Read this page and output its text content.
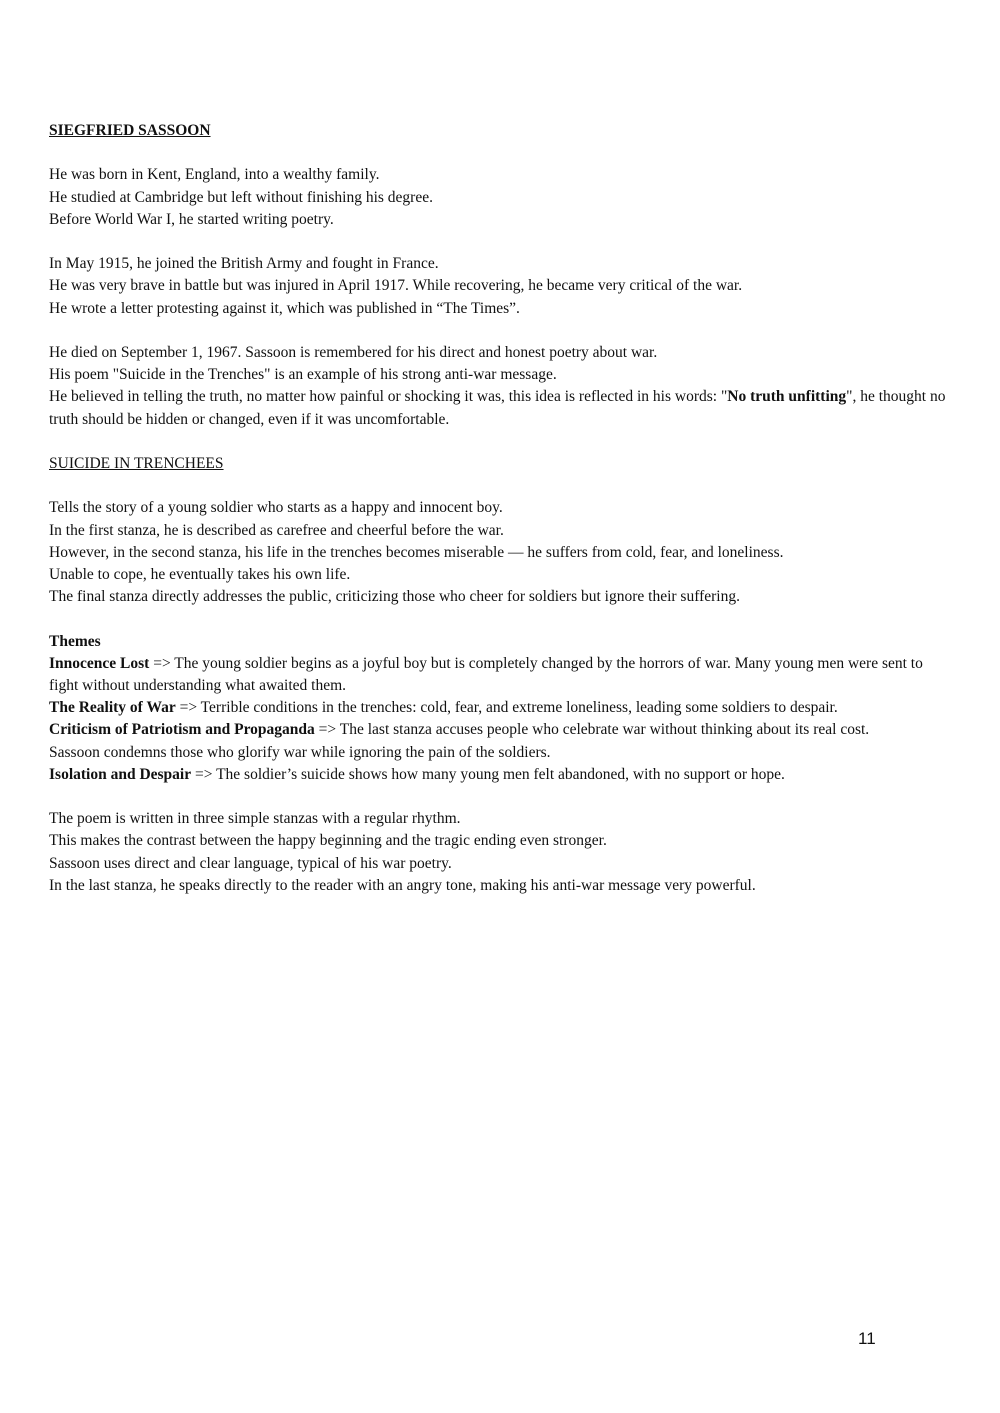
SIEGFRIED SASSOON
He was born in Kent, England, into a wealthy family.
He studied at Cambridge but left without finishing his degree.
Before World War I, he started writing poetry.
In May 1915, he joined the British Army and fought in France.
He was very brave in battle but was injured in April 1917. While recovering, he became very critical of the war.
He wrote a letter protesting against it, which was published in “The Times”.
He died on September 1, 1967. Sassoon is remembered for his direct and honest poetry about war.
His poem "Suicide in the Trenches" is an example of his strong anti-war message.
He believed in telling the truth, no matter how painful or shocking it was, this idea is reflected in his words: "No truth unfitting", he thought no truth should be hidden or changed, even if it was uncomfortable.
SUICIDE IN TRENCHEES
Tells the story of a young soldier who starts as a happy and innocent boy.
In the first stanza, he is described as carefree and cheerful before the war.
However, in the second stanza, his life in the trenches becomes miserable — he suffers from cold, fear, and loneliness.
Unable to cope, he eventually takes his own life.
The final stanza directly addresses the public, criticizing those who cheer for soldiers but ignore their suffering.
Themes
Innocence Lost => The young soldier begins as a joyful boy but is completely changed by the horrors of war. Many young men were sent to fight without understanding what awaited them.
The Reality of War => Terrible conditions in the trenches: cold, fear, and extreme loneliness, leading some soldiers to despair.
Criticism of Patriotism and Propaganda => The last stanza accuses people who celebrate war without thinking about its real cost.
Sassoon condemns those who glorify war while ignoring the pain of the soldiers.
Isolation and Despair => The soldier’s suicide shows how many young men felt abandoned, with no support or hope.
The poem is written in three simple stanzas with a regular rhythm.
This makes the contrast between the happy beginning and the tragic ending even stronger.
Sassoon uses direct and clear language, typical of his war poetry.
In the last stanza, he speaks directly to the reader with an angry tone, making his anti-war message very powerful.
11
